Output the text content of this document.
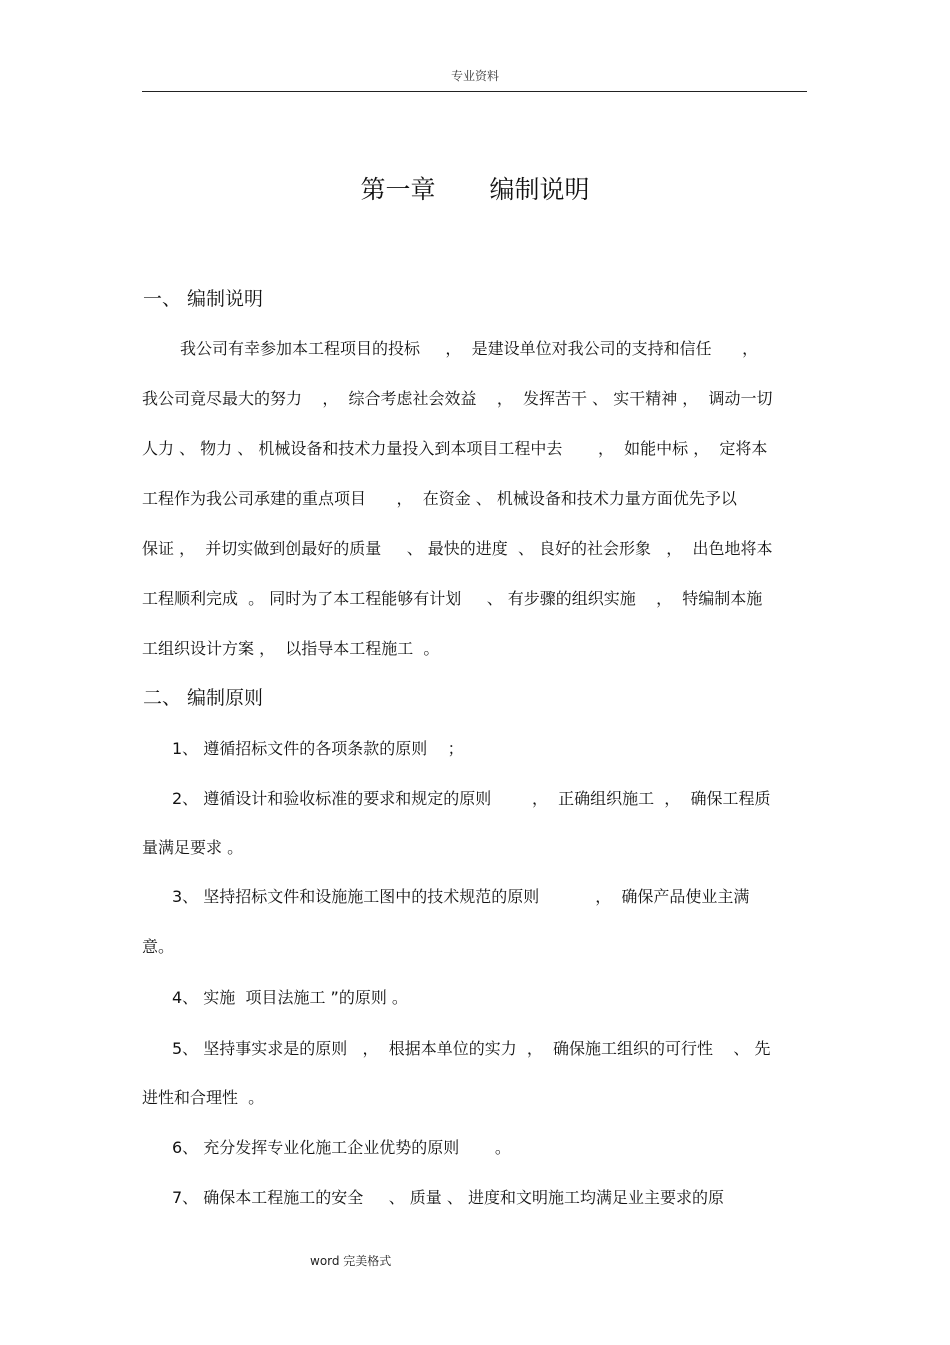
专业资料
第一章 编制说明
一、 编制说明
我公司有幸参加本工程项目的投标     ，  是建设单位对我公司的支持和信任      ，
我公司竟尽最大的努力    ，  综合考虑社会效益    ，  发挥苦干 、 实干精神 ，  调动一切
人力 、 物力 、 机械设备和技术力量投入到本项目工程中去       ，  如能中标 ，  定将本
工程作为我公司承建的重点项目      ，  在资金 、 机械设备和技术力量方面优先予以
保证 ，  并切实做到创最好的质量     、 最快的进度  、 良好的社会形象   ，  出色地将本
工程顺利完成  。 同时为了本工程能够有计划     、 有步骤的组织实施    ，  特编制本施
工组织设计方案 ，  以指导本工程施工  。
二、 编制原则
1、 遵循招标文件的各项条款的原则    ；
2、 遵循设计和验收标准的要求和规定的原则        ，  正确组织施工  ，  确保工程质
量满足要求 。
3、 坚持招标文件和设施施工图中的技术规范的原则           ，  确保产品使业主满
意。
4、 实施  项目法施工 ”的原则 。
5、 坚持事实求是的原则   ，  根据本单位的实力  ，  确保施工组织的可行性    、 先
进性和合理性  。
6、 充分发挥专业化施工企业优势的原则       。
7、 确保本工程施工的安全     、 质量 、 进度和文明施工均满足业主要求的原
word 完美格式
